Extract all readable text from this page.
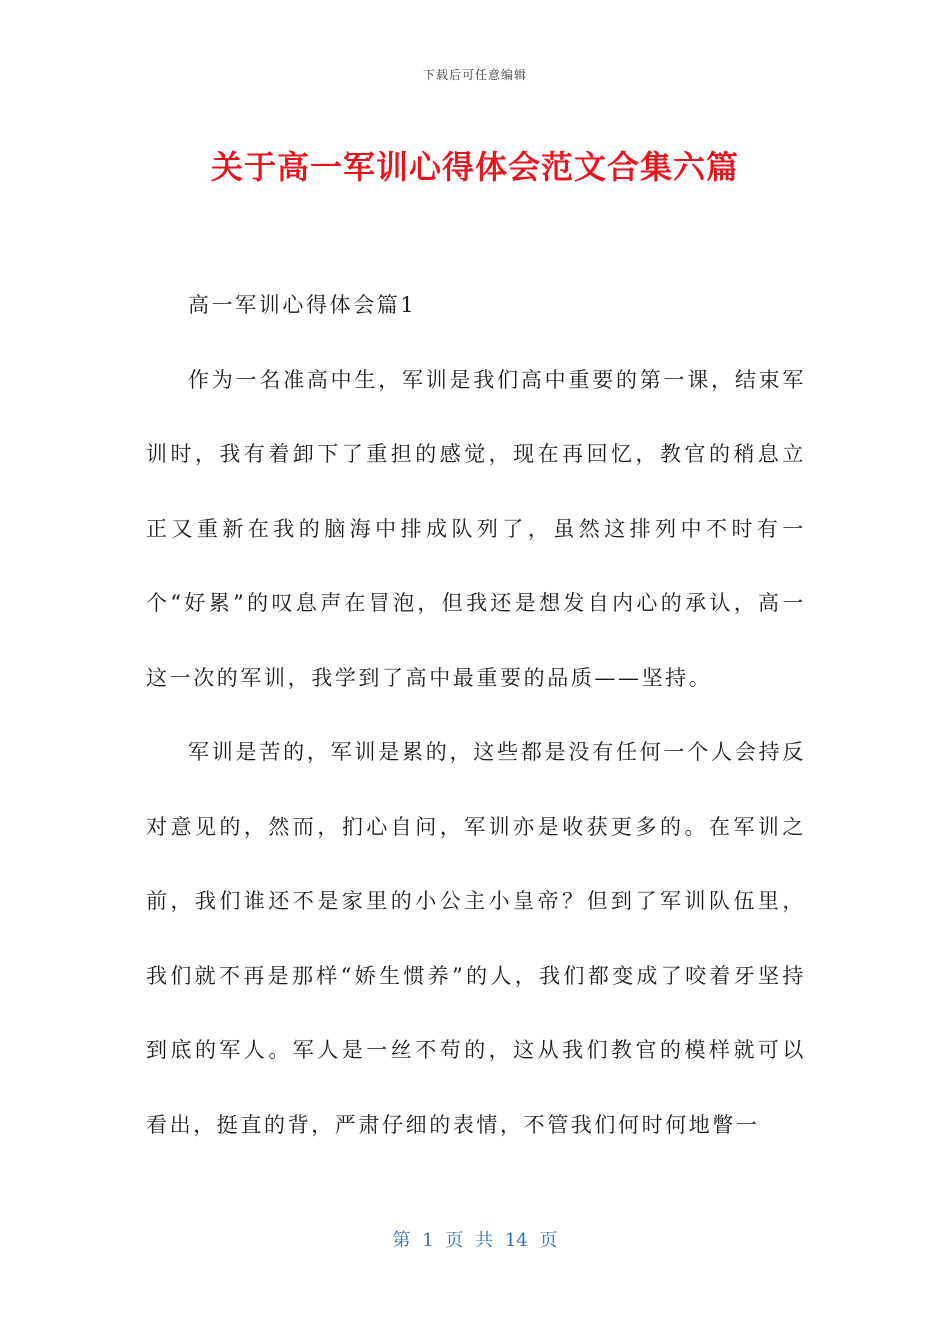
下载后可任意编辑
关于高一军训心得体会范文合集六篇

高一军训心得体会篇1

作为一名准高中生，军训是我们高中重要的第一课，结束军训时，我有着卸下了重担的感觉，现在再回忆，教官的稍息立正又重新在我的脑海中排成队列了，虽然这排列中不时有一个“好累”的叹息声在冒泡，但我还是想发自内心的承认，高一这一次的军训，我学到了高中最重要的品质——坚持。

军训是苦的，军训是累的，这些都是没有任何一个人会持反对意见的，然而，扪心自问，军训亦是收获更多的。在军训之前，我们谁还不是家里的小公主小皇帝？但到了军训队伍里，我们就不再是那样“娇生惯养”的人，我们都变成了咬着牙坚持到底的军人。军人是一丝不苟的，这从我们教官的模样就可以看出，挺直的背，严肃仔细的表情，不管我们何时何地瞥一

第 1 页 共 14 页
